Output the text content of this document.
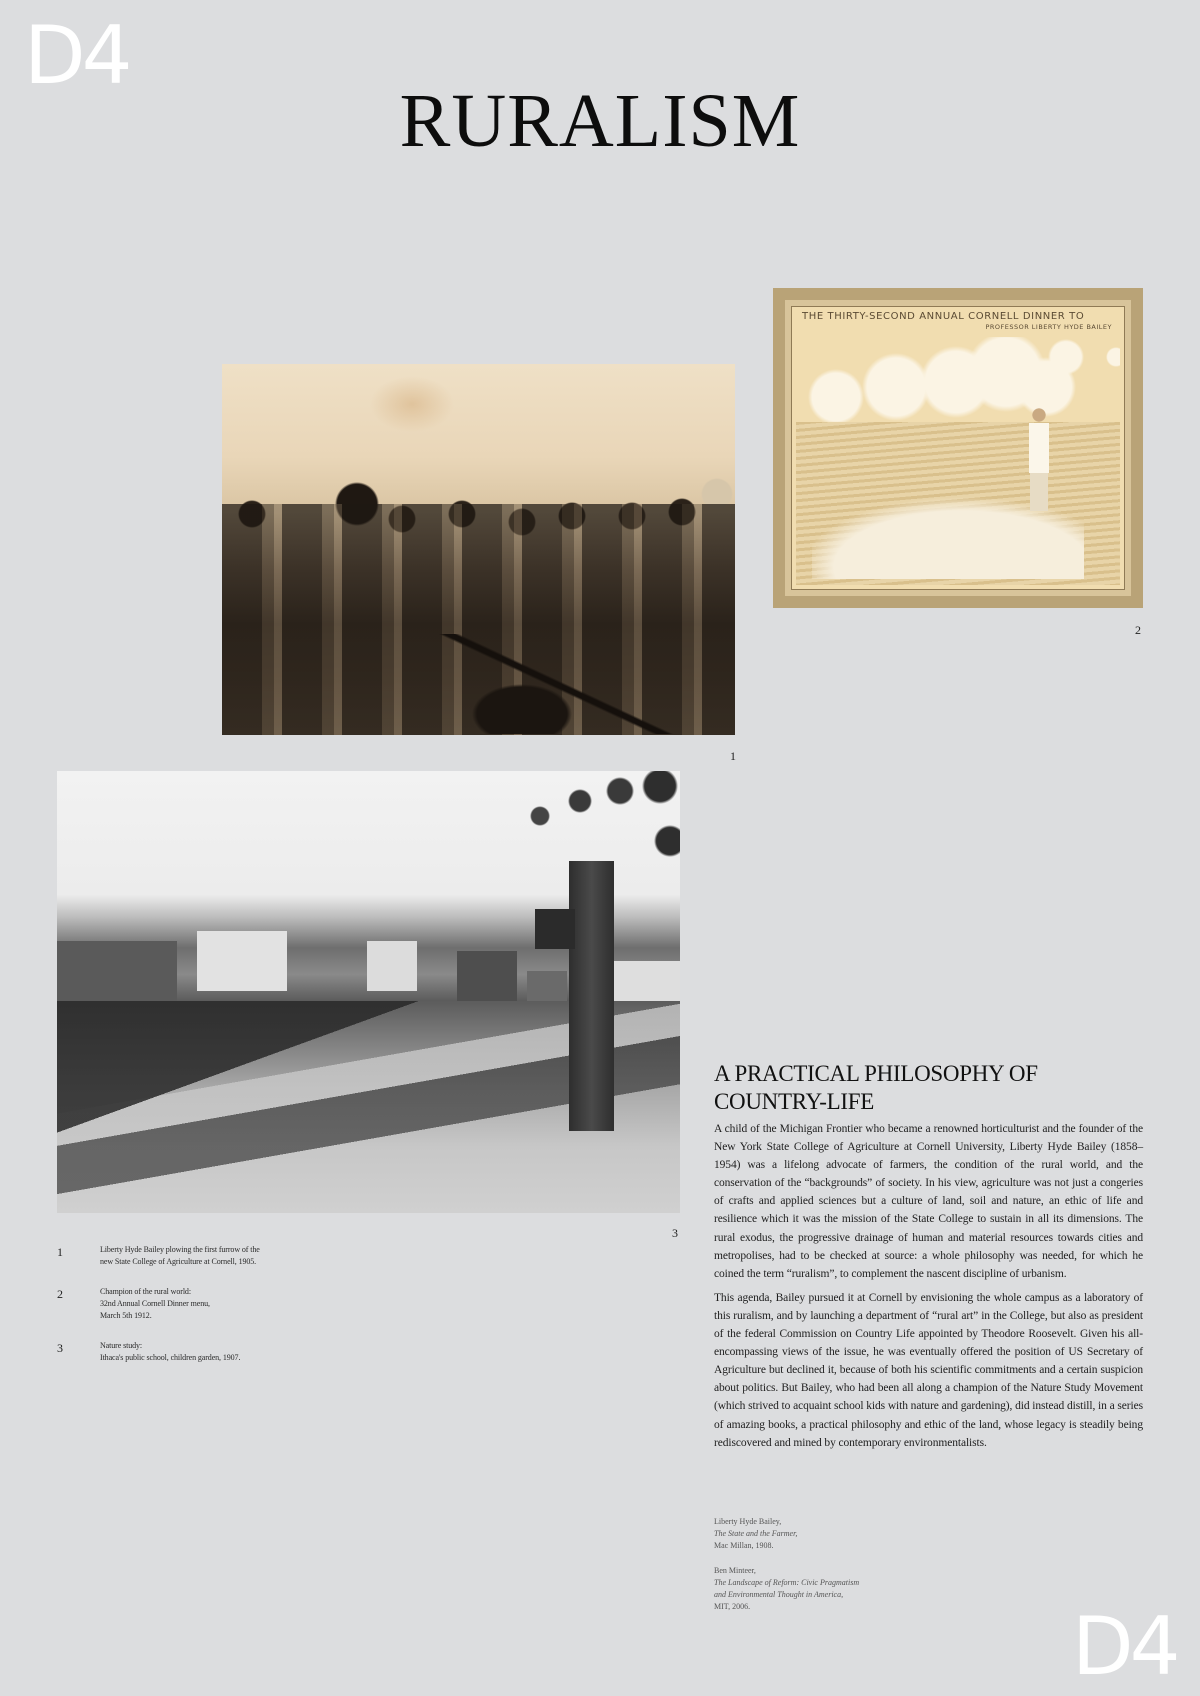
D4
D4
RURALISM
1
THE THIRTY-SECOND ANNUAL CORNELL DINNER TO
PROFESSOR LIBERTY HYDE BAILEY
2
3
1	Liberty Hyde Bailey plowing the first furrow of the
new State College of Agriculture at Cornell, 1905.
2	Champion of the rural world:
32nd Annual Cornell Dinner menu,
March 5th 1912.
3	Nature study:
Ithaca's public school, children garden, 1907.
A PRACTICAL PHILOSOPHY OF
COUNTRY-LIFE

A child of the Michigan Frontier who became a renowned horticulturist and the founder of the New York State College of Agriculture at Cornell University, Liberty Hyde Bailey (1858–1954) was a lifelong advocate of farmers, the condition of the rural world, and the conservation of the “backgrounds” of society. In his view, agriculture was not just a congeries of crafts and applied sciences but a culture of land, soil and nature, an ethic of life and resilience which it was the mission of the State College to sustain in all its dimensions. The rural exodus, the progressive drainage of human and material resources towards cities and metropolises, had to be checked at source: a whole philosophy was needed, for which he coined the term “ruralism”, to complement the nascent discipline of urbanism.

This agenda, Bailey pursued it at Cornell by envisioning the whole campus as a laboratory of this ruralism, and by launching a department of “rural art” in the College, but also as president of the federal Commission on Country Life appointed by Theodore Roosevelt. Given his all-encompassing views of the issue, he was eventually offered the position of US Secretary of Agriculture but declined it, because of both his scientific commitments and a certain suspicion about politics. But Bailey, who had been all along a champion of the Nature Study Movement (which strived to acquaint school kids with nature and gardening), did instead distill, in a series of amazing books, a practical philosophy and ethic of the land, whose legacy is steadily being rediscovered and mined by contemporary environmentalists.

Liberty Hyde Bailey,
The State and the Farmer,
Mac Millan, 1908.
Ben Minteer,
The Landscape of Reform: Civic Pragmatism
and Environmental Thought in America,
MIT, 2006.
